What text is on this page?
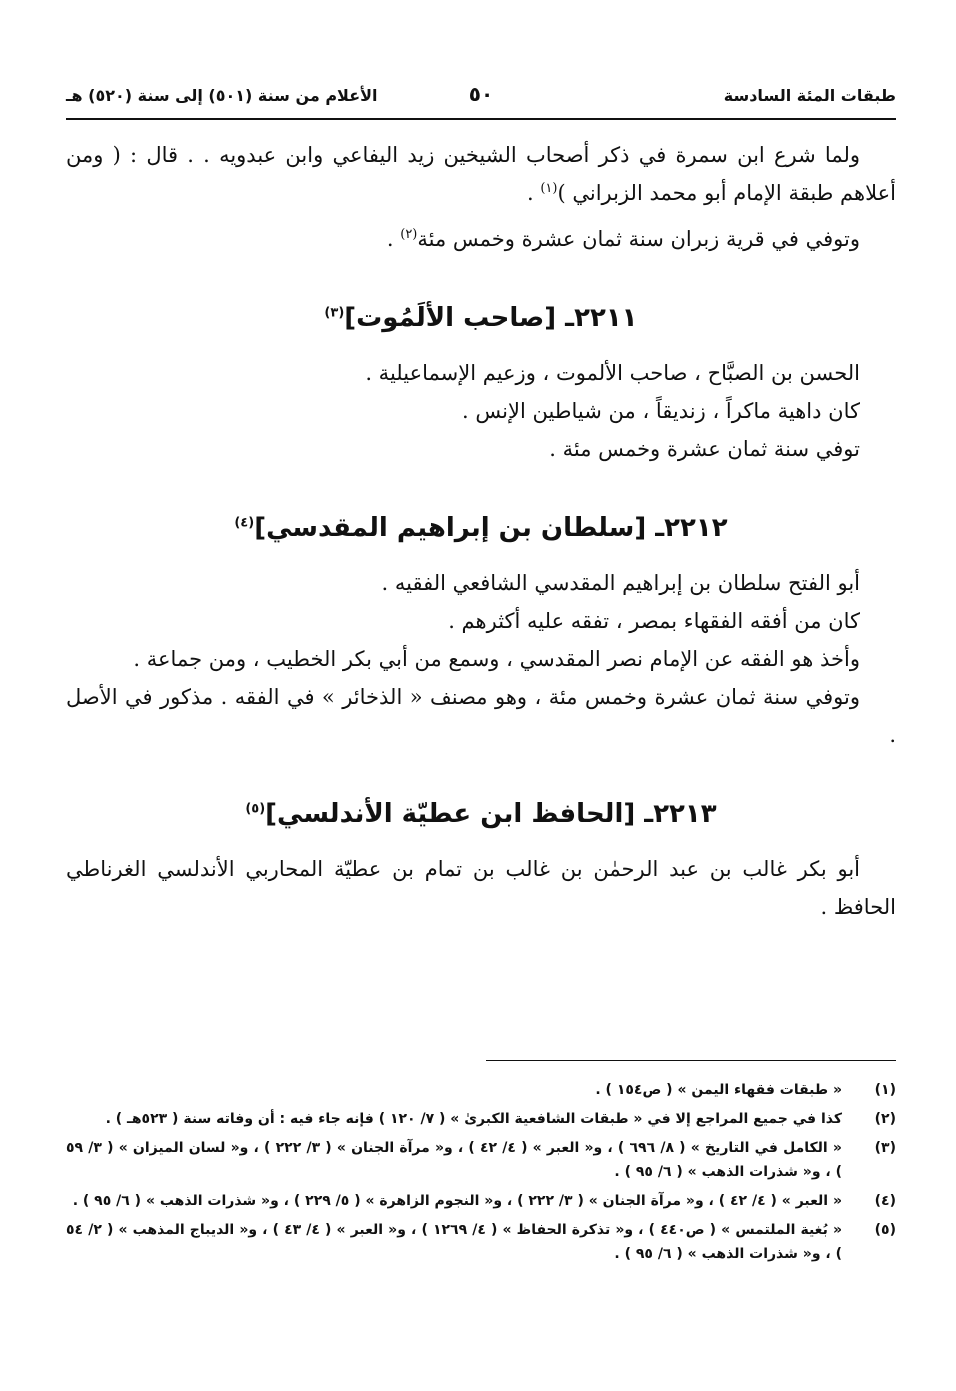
طبقات المئة السادسة
٥٠
الأعلام من سنة (٥٠١) إلى سنة (٥٢٠) هـ

ولما شرع ابن سمرة في ذكر أصحاب الشيخين زيد اليفاعي وابن عبدويه . . قال : ( ومن أعلاهم طبقة الإمام أبو محمد الزبراني )$^{(١)}$ .

وتوفي في قرية زبران سنة ثمان عشرة وخمس مئة$^{(٢)}$ .

٢٢١١ـ [صاحب الألَمُوت]$^{(٣)}$

الحسن بن الصبَّاح ، صاحب الألموت ، وزعيم الإسماعيلية .

كان داهية ماكراً ، زنديقاً ، من شياطين الإنس .

توفي سنة ثمان عشرة وخمس مئة .

٢٢١٢ـ [سلطان بن إبراهيم المقدسي]$^{(٤)}$

أبو الفتح سلطان بن إبراهيم المقدسي الشافعي الفقيه .

كان من أفقه الفقهاء بمصر ، تفقه عليه أكثرهم .

وأخذ هو الفقه عن الإمام نصر المقدسي ، وسمع من أبي بكر الخطيب ، ومن جماعة .

وتوفي سنة ثمان عشرة وخمس مئة ، وهو مصنف « الذخائر » في الفقه . مذكور في الأصل .

٢٢١٣ـ [الحافظ ابن عطيّة الأندلسي]$^{(٥)}$

أبو بكر غالب بن عبد الرحمٰن بن غالب بن تمام بن عطيّة المحاربي الأندلسي الغرناطي الحافظ .

(١)
« طبقات فقهاء اليمن » ( ص١٥٤ ) .
(٢)
كذا في جميع المراجع إلا في « طبقات الشافعية الكبرىٰ » ( ٧/ ١٢٠ ) فإنه جاء فيه : أن وفاته سنة ( ٥٢٣هـ ) .
(٣)
« الكامل في التاريخ » ( ٨/ ٦٩٦ ) ، و« العبر » ( ٤/ ٤٢ ) ، و« مرآة الجنان » ( ٣/ ٢٢٢ ) ، و« لسان الميزان » ( ٣/ ٥٩ ) ، و« شذرات الذهب » ( ٦/ ٩٥ ) .
(٤)
« العبر » ( ٤/ ٤٢ ) ، و« مرآة الجنان » ( ٣/ ٢٢٢ ) ، و« النجوم الزاهرة » ( ٥/ ٢٢٩ ) ، و« شذرات الذهب » ( ٦/ ٩٥ ) .
(٥)
« بُغية الملتمس » ( ص٤٤٠ ) ، و« تذكرة الحفاظ » ( ٤/ ١٢٦٩ ) ، و« العبر » ( ٤/ ٤٣ ) ، و« الديباج المذهب » ( ٢/ ٥٤ ) ، و« شذرات الذهب » ( ٦/ ٩٥ ) .
